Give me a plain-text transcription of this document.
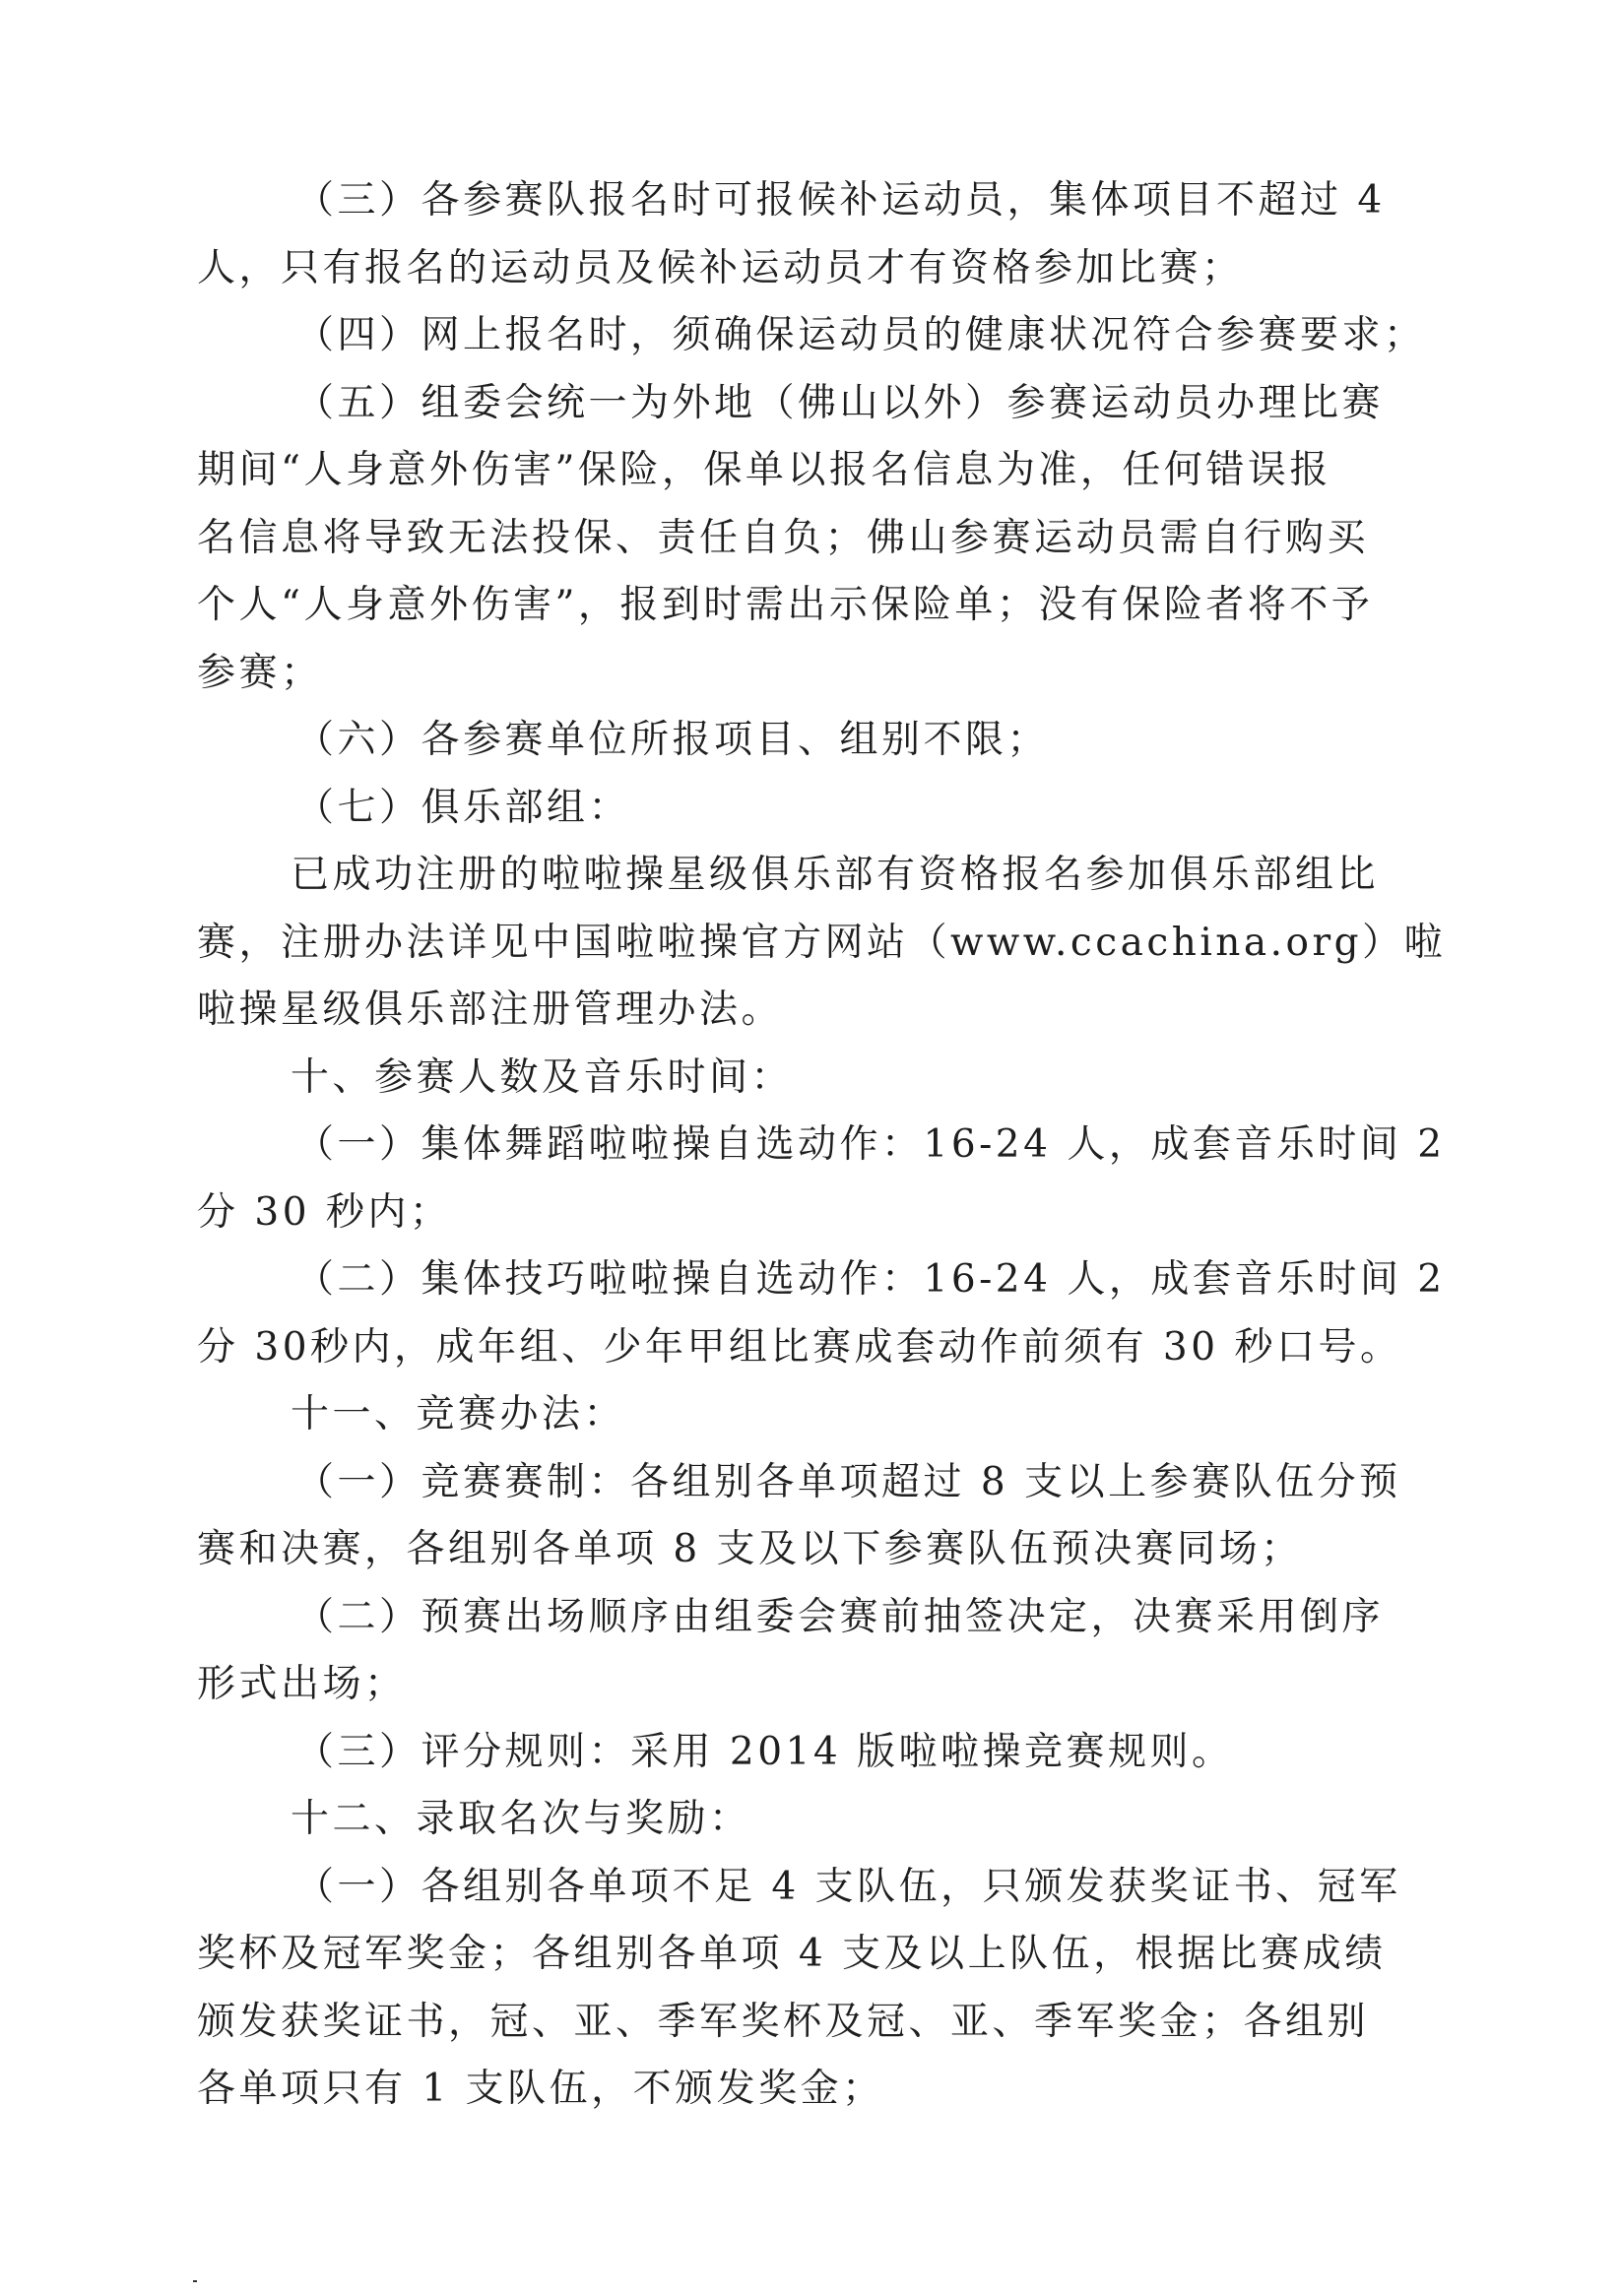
（三）各参赛队报名时可报候补运动员，集体项目不超过 4
人，只有报名的运动员及候补运动员才有资格参加比赛；
（四）网上报名时，须确保运动员的健康状况符合参赛要求；
（五）组委会统一为外地（佛山以外）参赛运动员办理比赛
期间“人身意外伤害”保险，保单以报名信息为准，任何错误报
名信息将导致无法投保、责任自负；佛山参赛运动员需自行购买
个人“人身意外伤害”，报到时需出示保险单；没有保险者将不予
参赛；
（六）各参赛单位所报项目、组别不限；
（七）俱乐部组：
已成功注册的啦啦操星级俱乐部有资格报名参加俱乐部组比
赛，注册办法详见中国啦啦操官方网站（www.ccachina.org）啦
啦操星级俱乐部注册管理办法。
十、参赛人数及音乐时间：
（一）集体舞蹈啦啦操自选动作：16-24 人，成套音乐时间 2
分 30 秒内；
（二）集体技巧啦啦操自选动作：16-24 人，成套音乐时间 2
分 30秒内，成年组、少年甲组比赛成套动作前须有 30 秒口号。
十一、竞赛办法：
（一）竞赛赛制：各组别各单项超过 8 支以上参赛队伍分预
赛和决赛，各组别各单项 8 支及以下参赛队伍预决赛同场；
（二）预赛出场顺序由组委会赛前抽签决定，决赛采用倒序
形式出场；
（三）评分规则：采用 2014 版啦啦操竞赛规则。
十二、录取名次与奖励：
（一）各组别各单项不足 4 支队伍，只颁发获奖证书、冠军
奖杯及冠军奖金；各组别各单项 4 支及以上队伍，根据比赛成绩
颁发获奖证书，冠、亚、季军奖杯及冠、亚、季军奖金；各组别
各单项只有 1 支队伍，不颁发奖金；
